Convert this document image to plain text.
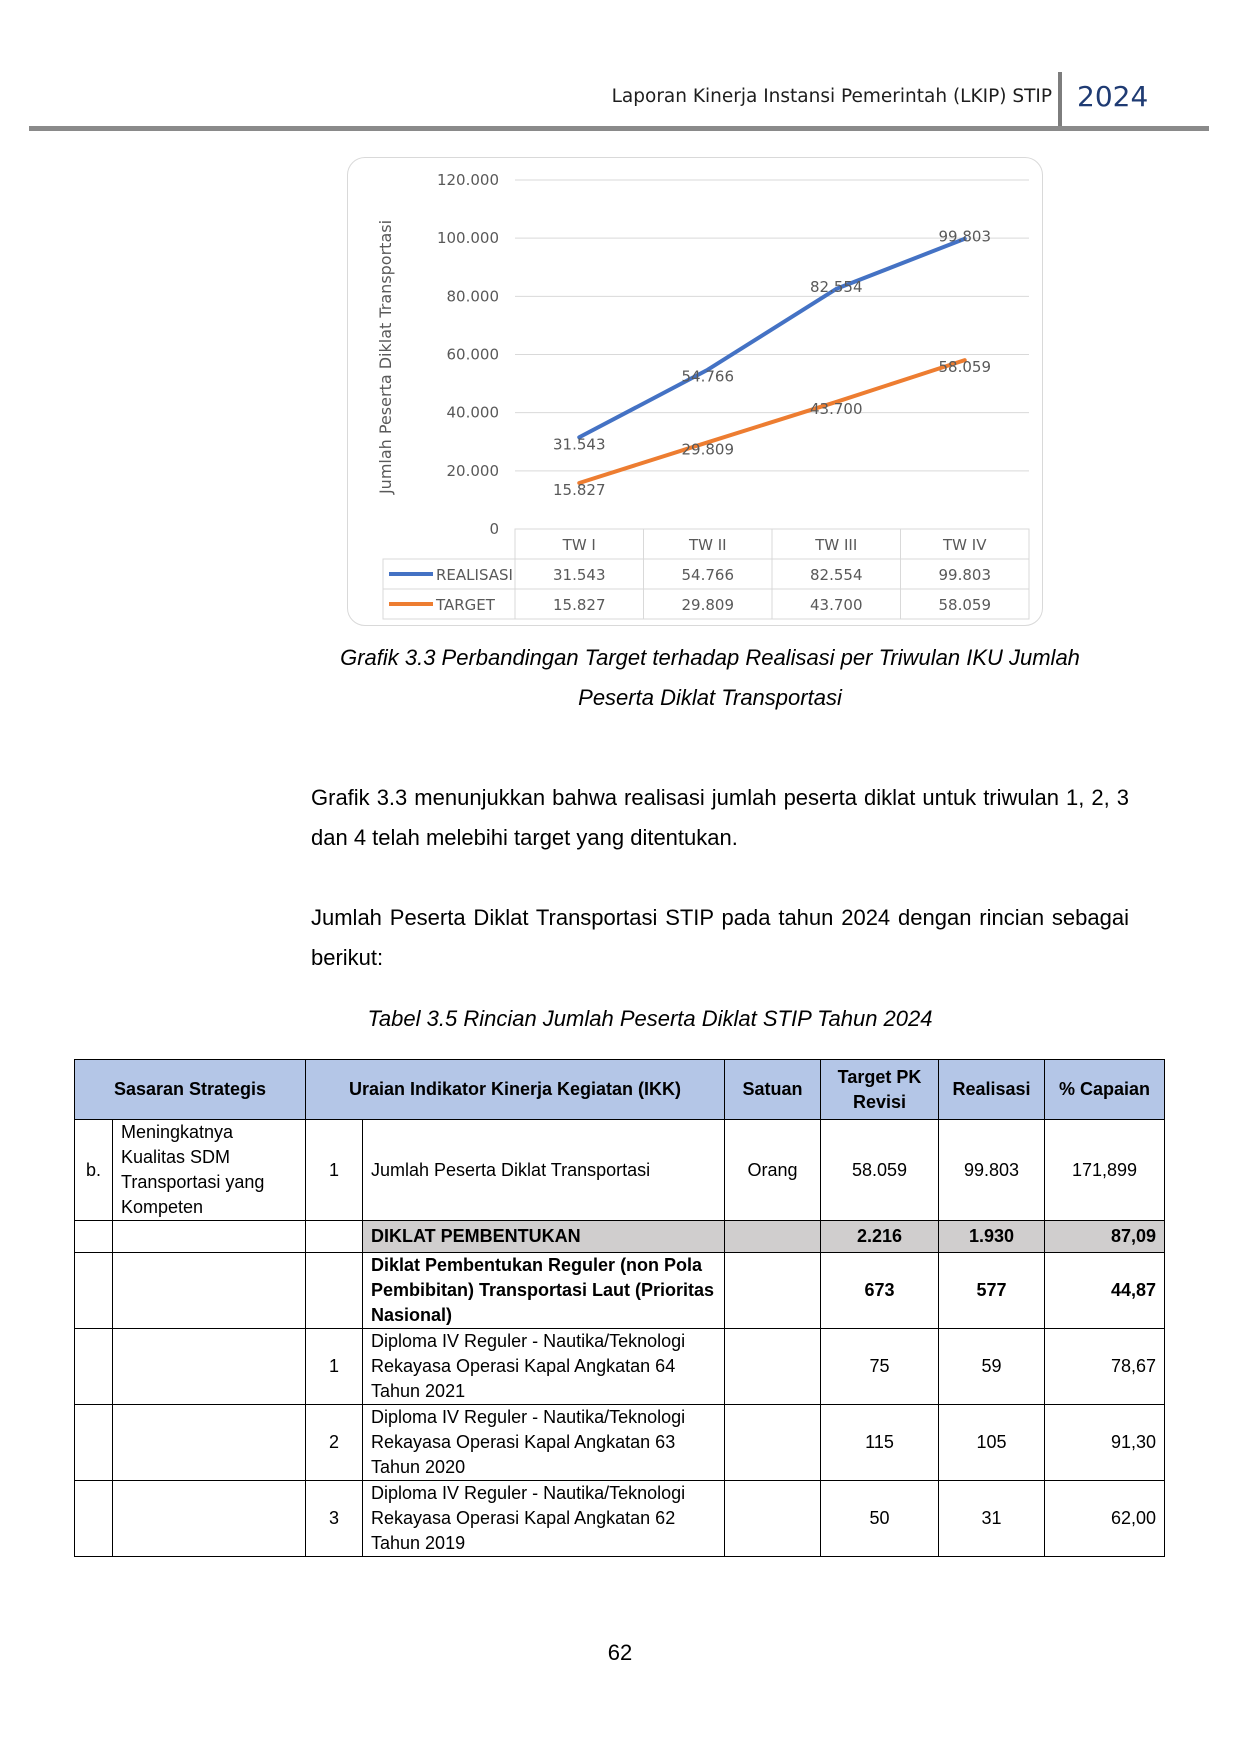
Laporan Kinerja Instansi Pemerintah (LKIP) STIP 2024
0
20.000
40.000
60.000
80.000
100.000
120.000
Jumlah Peserta Diklat Transportasi
TW I	TW II	TW III	TW IV
31.543
54.766
82.554
99.803
REALISASI	31.543	54.766	82.554	99.803
15.827
29.809
43.700
58.059
TARGET	15.827	29.809	43.700	58.059
Grafik 3.3 Perbandingan Target terhadap Realisasi per Triwulan IKU Jumlah
Peserta Diklat Transportasi
Grafik 3.3 menunjukkan bahwa realisasi jumlah peserta diklat untuk triwulan 1, 2, 3 dan 4 telah melebihi target yang ditentukan.
Jumlah Peserta Diklat Transportasi STIP pada tahun 2024 dengan rincian sebagai berikut:
Tabel 3.5 Rincian Jumlah Peserta Diklat STIP Tahun 2024
Sasaran Strategis		Uraian Indikator Kinerja Kegiatan (IKK)		Satuan	Target PK Revisi	Realisasi	% Capaian
b.	Meningkatnya Kualitas SDM Transportasi yang Kompeten	1	Jumlah Peserta Diklat Transportasi	Orang	58.059	99.803	171,899
			DIKLAT PEMBENTUKAN		2.216	1.930	87,09
			Diklat Pembentukan Reguler (non Pola Pembibitan) Transportasi Laut (Prioritas Nasional)		673	577	44,87
		1	Diploma IV Reguler - Nautika/Teknologi Rekayasa Operasi Kapal Angkatan 64 Tahun 2021		75	59	78,67
		2	Diploma IV Reguler - Nautika/Teknologi Rekayasa Operasi Kapal Angkatan 63 Tahun 2020		115	105	91,30
		3	Diploma IV Reguler - Nautika/Teknologi Rekayasa Operasi Kapal Angkatan 62 Tahun 2019		50	31	62,00
62
